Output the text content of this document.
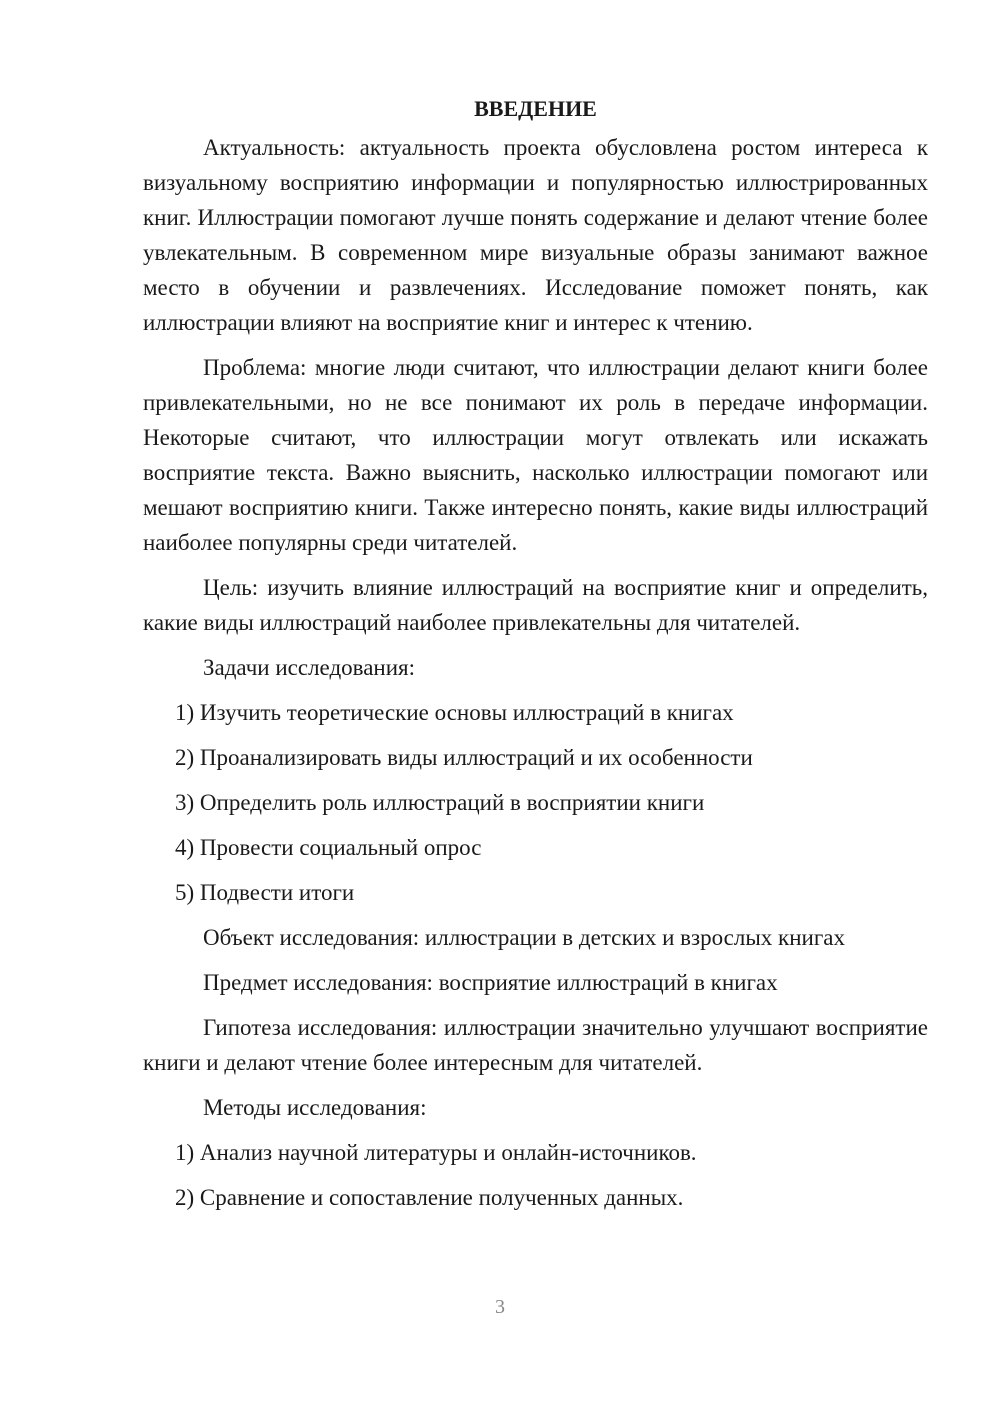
ВВЕДЕНИЕ

Актуальность: актуальность проекта обусловлена ростом интереса к визуальному восприятию информации и популярностью иллюстрированных книг. Иллюстрации помогают лучше понять содержание и делают чтение более увлекательным. В современном мире визуальные образы занимают важное место в обучении и развлечениях. Исследование поможет понять, как иллюстрации влияют на восприятие книг и интерес к чтению.

Проблема: многие люди считают, что иллюстрации делают книги более привлекательными, но не все понимают их роль в передаче информации. Некоторые считают, что иллюстрации могут отвлекать или искажать восприятие текста. Важно выяснить, насколько иллюстрации помогают или мешают восприятию книги. Также интересно понять, какие виды иллюстраций наиболее популярны среди читателей.

Цель: изучить влияние иллюстраций на восприятие книг и определить, какие виды иллюстраций наиболее привлекательны для читателей.

Задачи исследования:

1) Изучить теоретические основы иллюстраций в книгах

2) Проанализировать виды иллюстраций и их особенности

3) Определить роль иллюстраций в восприятии книги

4) Провести социальный опрос

5) Подвести итоги

Объект исследования: иллюстрации в детских и взрослых книгах

Предмет исследования: восприятие иллюстраций в книгах

Гипотеза исследования: иллюстрации значительно улучшают восприятие книги и делают чтение более интересным для читателей.

Методы исследования:

1) Анализ научной литературы и онлайн-источников.

2) Сравнение и сопоставление полученных данных.

3
